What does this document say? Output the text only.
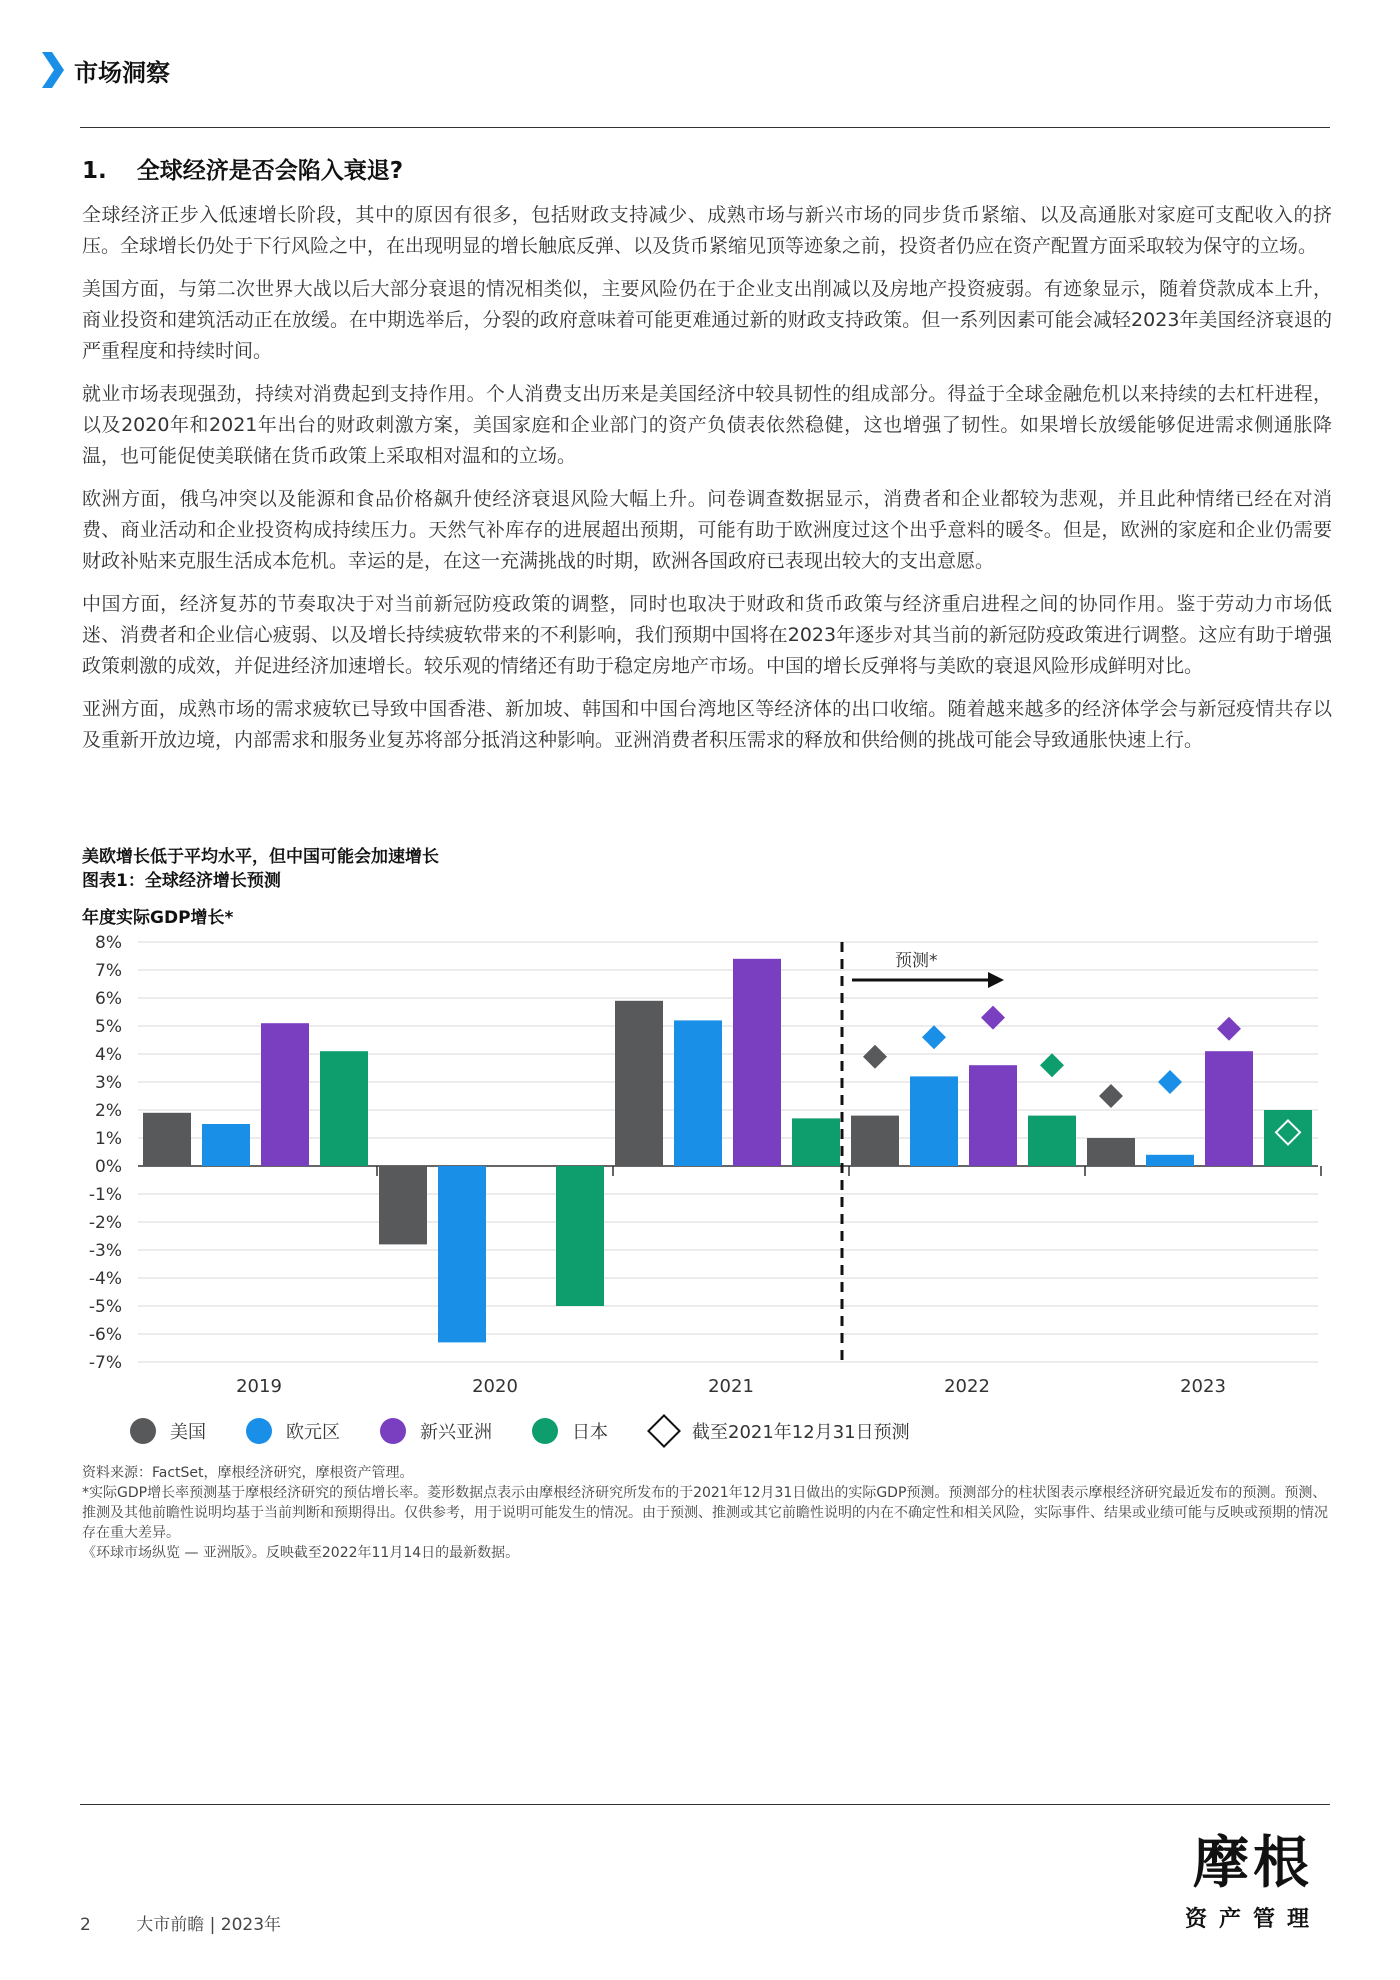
市场洞察
1. 全球经济是否会陷入衰退?

全球经济正步入低速增长阶段，其中的原因有很多，包括财政支持减少、成熟市场与新兴市场的同步货币紧缩、以及高通胀对家庭可支配收入的挤压。全球增长仍处于下行风险之中，在出现明显的增长触底反弹、以及货币紧缩见顶等迹象之前，投资者仍应在资产配置方面采取较为保守的立场。

美国方面，与第二次世界大战以后大部分衰退的情况相类似，主要风险仍在于企业支出削减以及房地产投资疲弱。有迹象显示，随着贷款成本上升，商业投资和建筑活动正在放缓。在中期选举后，分裂的政府意味着可能更难通过新的财政支持政策。但一系列因素可能会减轻2023年美国经济衰退的严重程度和持续时间。

就业市场表现强劲，持续对消费起到支持作用。个人消费支出历来是美国经济中较具韧性的组成部分。得益于全球金融危机以来持续的去杠杆进程，以及2020年和2021年出台的财政刺激方案，美国家庭和企业部门的资产负债表依然稳健，这也增强了韧性。如果增长放缓能够促进需求侧通胀降温，也可能促使美联储在货币政策上采取相对温和的立场。

欧洲方面，俄乌冲突以及能源和食品价格飙升使经济衰退风险大幅上升。问卷调查数据显示，消费者和企业都较为悲观，并且此种情绪已经在对消费、商业活动和企业投资构成持续压力。天然气补库存的进展超出预期，可能有助于欧洲度过这个出乎意料的暖冬。但是，欧洲的家庭和企业仍需要财政补贴来克服生活成本危机。幸运的是，在这一充满挑战的时期，欧洲各国政府已表现出较大的支出意愿。

中国方面，经济复苏的节奏取决于对当前新冠防疫政策的调整，同时也取决于财政和货币政策与经济重启进程之间的协同作用。鉴于劳动力市场低迷、消费者和企业信心疲弱、以及增长持续疲软带来的不利影响，我们预期中国将在2023年逐步对其当前的新冠防疫政策进行调整。这应有助于增强政策刺激的成效，并促进经济加速增长。较乐观的情绪还有助于稳定房地产市场。中国的增长反弹将与美欧的衰退风险形成鲜明对比。

亚洲方面，成熟市场的需求疲软已导致中国香港、新加坡、韩国和中国台湾地区等经济体的出口收缩。随着越来越多的经济体学会与新冠疫情共存以及重新开放边境，内部需求和服务业复苏将部分抵消这种影响。亚洲消费者积压需求的释放和供给侧的挑战可能会导致通胀快速上行。

美欧增长低于平均水平，但中国可能会加速增长
图表1：全球经济增长预测
年度实际GDP增长*
8%
7%
6%
5%
4%
3%
2%
1%
0%
-1%
-2%
-3%
-4%
-5%
-6%
-7%
2019	2020	2021	2022	2023
预测*
美国	欧元区	新兴亚洲	日本	截至2021年12月31日预测

资料来源：FactSet，摩根经济研究，摩根资产管理。

*实际GDP增长率预测基于摩根经济研究的预估增长率。菱形数据点表示由摩根经济研究所发布的于2021年12月31日做出的实际GDP预测。预测部分的柱状图表示摩根经济研究最近发布的预测。预测、推测及其他前瞻性说明均基于当前判断和预期得出。仅供参考，用于说明可能发生的情况。由于预测、推测或其它前瞻性说明的内在不确定性和相关风险，实际事件、结果或业绩可能与反映或预期的情况存在重大差异。

《环球市场纵览 — 亚洲版》。反映截至2022年11月14日的最新数据。

2	大市前瞻 | 2023年
摩根
资产管理
